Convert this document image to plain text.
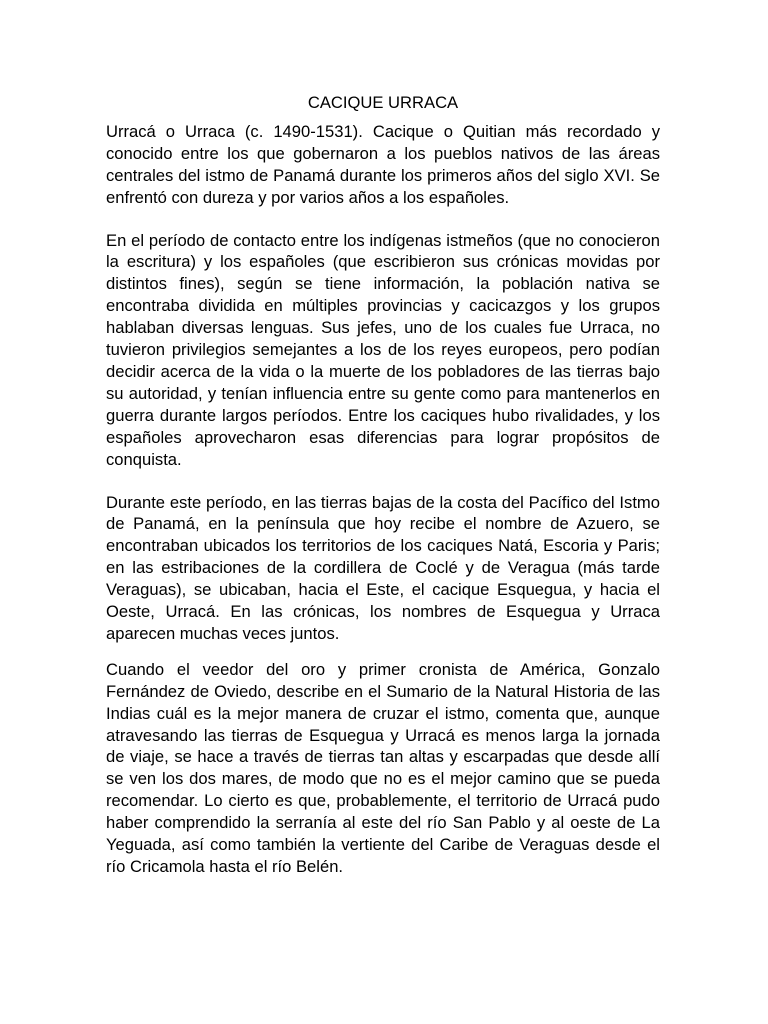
CACIQUE URRACA

Urracá o Urraca (c. 1490-1531). Cacique o Quitian más recordado y conocido entre los que gobernaron a los pueblos nativos de las áreas centrales del istmo de Panamá durante los primeros años del siglo XVI. Se enfrentó con dureza y por varios años a los españoles.

En el período de contacto entre los indígenas istmeños (que no conocieron la escritura) y los españoles (que escribieron sus crónicas movidas por distintos fines), según se tiene información, la población nativa se encontraba dividida en múltiples provincias y cacicazgos y los grupos hablaban diversas lenguas. Sus jefes, uno de los cuales fue Urraca, no tuvieron privilegios semejantes a los de los reyes europeos, pero podían decidir acerca de la vida o la muerte de los pobladores de las tierras bajo su autoridad, y tenían influencia entre su gente como para mantenerlos en guerra durante largos períodos. Entre los caciques hubo rivalidades, y los españoles aprovecharon esas diferencias para lograr propósitos de conquista.

Durante este período, en las tierras bajas de la costa del Pacífico del Istmo de Panamá, en la península que hoy recibe el nombre de Azuero, se encontraban ubicados los territorios de los caciques Natá, Escoria y Paris; en las estribaciones de la cordillera de Coclé y de Veragua (más tarde Veraguas), se ubicaban, hacia el Este, el cacique Esquegua, y hacia el Oeste, Urracá. En las crónicas, los nombres de Esquegua y Urraca aparecen muchas veces juntos.

Cuando el veedor del oro y primer cronista de América, Gonzalo Fernández de Oviedo, describe en el Sumario de la Natural Historia de las Indias cuál es la mejor manera de cruzar el istmo, comenta que, aunque atravesando las tierras de Esquegua y Urracá es menos larga la jornada de viaje, se hace a través de tierras tan altas y escarpadas que desde allí se ven los dos mares, de modo que no es el mejor camino que se pueda recomendar. Lo cierto es que, probablemente, el territorio de Urracá pudo haber comprendido la serranía al este del río San Pablo y al oeste de La Yeguada, así como también la vertiente del Caribe de Veraguas desde el río Cricamola hasta el río Belén.
